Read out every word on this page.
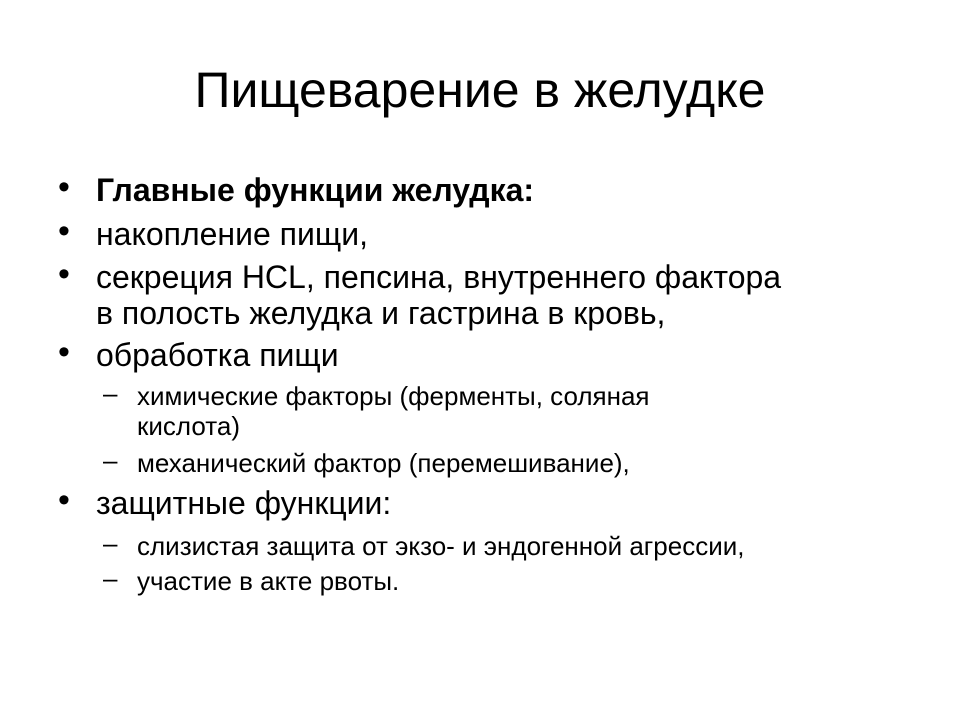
Пищеварение в желудке
• Главные функции желудка:
• накопление пищи,
• секреция HCL, пепсина, внутреннего фактора
в полость желудка и гастрина в кровь,
• обработка пищи
– химические факторы (ферменты, соляная
кислота)
– механический фактор (перемешивание),
• защитные функции:
– слизистая защита от экзо- и эндогенной агрессии,
– участие в акте рвоты.
